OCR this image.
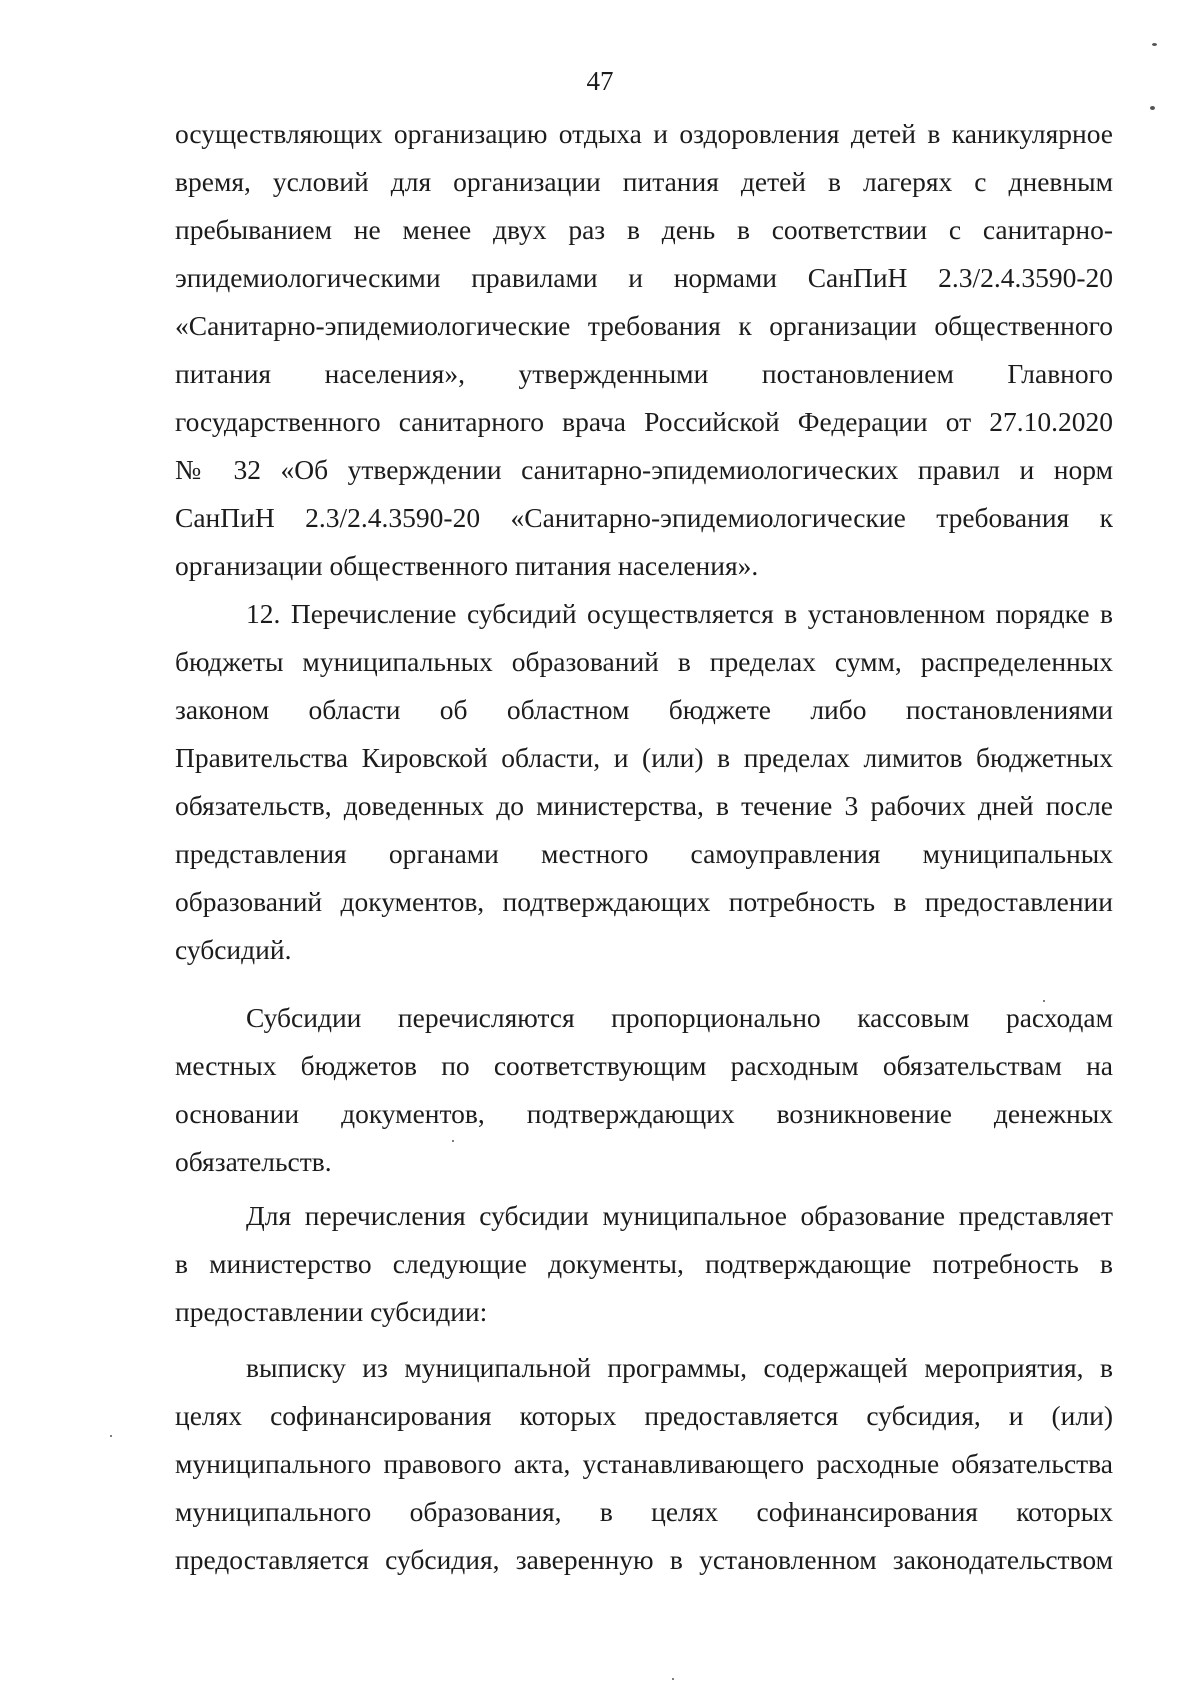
47
осуществляющих организацию отдыха и оздоровления детей в каникулярное
время, условий для организации питания детей в лагерях с дневным
пребыванием не менее двух раз в день в соответствии с санитарно-
эпидемиологическими правилами и нормами СанПиН 2.3/2.4.3590-20
«Санитарно-эпидемиологические требования к организации общественного
питания населения», утвержденными постановлением Главного
государственного санитарного врача Российской Федерации от 27.10.2020
№ 32 «Об утверждении санитарно-эпидемиологических правил и норм
СанПиН 2.3/2.4.3590-20 «Санитарно-эпидемиологические требования к
организации общественного питания населения».
12. Перечисление субсидий осуществляется в установленном порядке в
бюджеты муниципальных образований в пределах сумм, распределенных
законом области об областном бюджете либо постановлениями
Правительства Кировской области, и (или) в пределах лимитов бюджетных
обязательств, доведенных до министерства, в течение 3 рабочих дней после
представления органами местного самоуправления муниципальных
образований документов, подтверждающих потребность в предоставлении
субсидий.
Субсидии перечисляются пропорционально кассовым расходам
местных бюджетов по соответствующим расходным обязательствам на
основании документов, подтверждающих возникновение денежных
обязательств.
Для перечисления субсидии муниципальное образование представляет
в министерство следующие документы, подтверждающие потребность в
предоставлении субсидии:
выписку из муниципальной программы, содержащей мероприятия, в
целях софинансирования которых предоставляется субсидия, и (или)
муниципального правового акта, устанавливающего расходные обязательства
муниципального образования, в целях софинансирования которых
предоставляется субсидия, заверенную в установленном законодательством
